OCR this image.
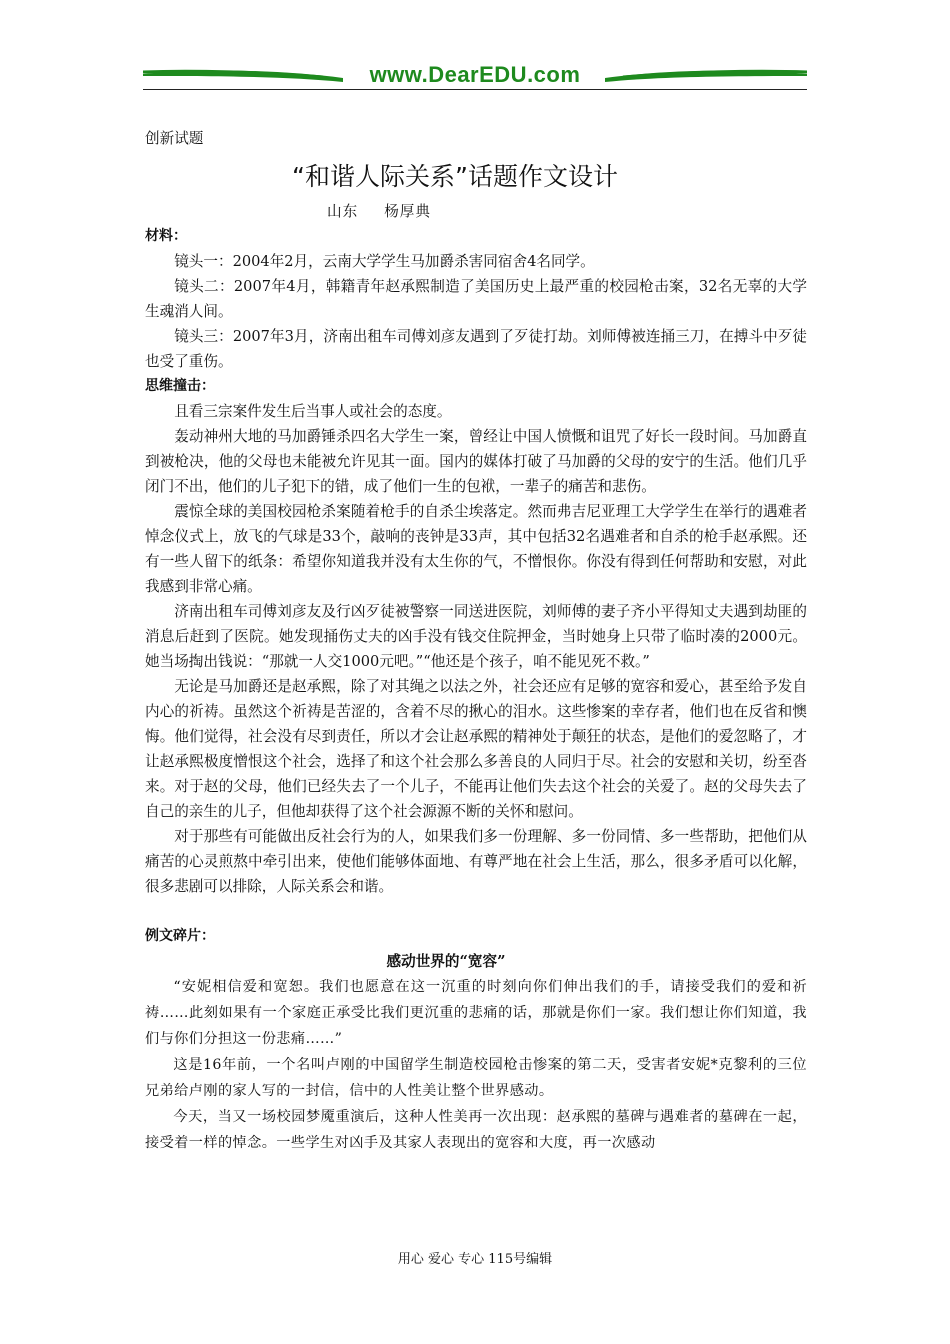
www.DearEDU.com

创新试题

“和谐人际关系”话题作文设计

山东 杨厚典

材料：

镜头一：2004年2月，云南大学学生马加爵杀害同宿舍4名同学。

镜头二：2007年4月，韩籍青年赵承熙制造了美国历史上最严重的校园枪击案，32名无辜的大学生魂消人间。

镜头三：2007年3月，济南出租车司傅刘彦友遇到了歹徒打劫。刘师傅被连捅三刀，在搏斗中歹徒也受了重伤。

思维撞击：

且看三宗案件发生后当事人或社会的态度。

轰动神州大地的马加爵锤杀四名大学生一案，曾经让中国人愤慨和诅咒了好长一段时间。马加爵直到被枪决，他的父母也未能被允许见其一面。国内的媒体打破了马加爵的父母的安宁的生活。他们几乎闭门不出，他们的儿子犯下的错，成了他们一生的包袱，一辈子的痛苦和悲伤。

震惊全球的美国校园枪杀案随着枪手的自杀尘埃落定。然而弗吉尼亚理工大学学生在举行的遇难者悼念仪式上，放飞的气球是33个，敲响的丧钟是33声，其中包括32名遇难者和自杀的枪手赵承熙。还有一些人留下的纸条：希望你知道我并没有太生你的气，不憎恨你。你没有得到任何帮助和安慰，对此我感到非常心痛。

济南出租车司傅刘彦友及行凶歹徒被警察一同送进医院，刘师傅的妻子齐小平得知丈夫遇到劫匪的消息后赶到了医院。她发现捅伤丈夫的凶手没有钱交住院押金，当时她身上只带了临时凑的2000元。她当场掏出钱说：“那就一人交1000元吧。”“他还是个孩子，咱不能见死不救。”

无论是马加爵还是赵承熙，除了对其绳之以法之外，社会还应有足够的宽容和爱心，甚至给予发自内心的祈祷。虽然这个祈祷是苦涩的，含着不尽的揪心的泪水。这些惨案的幸存者，他们也在反省和懊悔。他们觉得，社会没有尽到责任，所以才会让赵承熙的精神处于颠狂的状态，是他们的爱忽略了，才让赵承熙极度憎恨这个社会，选择了和这个社会那么多善良的人同归于尽。社会的安慰和关切，纷至沓来。对于赵的父母，他们已经失去了一个儿子，不能再让他们失去这个社会的关爱了。赵的父母失去了自己的亲生的儿子，但他却获得了这个社会源源不断的关怀和慰问。

对于那些有可能做出反社会行为的人，如果我们多一份理解、多一份同情、多一些帮助，把他们从痛苦的心灵煎熬中牵引出来，使他们能够体面地、有尊严地在社会上生活，那么，很多矛盾可以化解，很多悲剧可以排除，人际关系会和谐。

例文碎片：

感动世界的“宽容”

“安妮相信爱和宽恕。我们也愿意在这一沉重的时刻向你们伸出我们的手，请接受我们的爱和祈祷……此刻如果有一个家庭正承受比我们更沉重的悲痛的话，那就是你们一家。我们想让你们知道，我们与你们分担这一份悲痛……”

这是16年前，一个名叫卢刚的中国留学生制造校园枪击惨案的第二天，受害者安妮*克黎利的三位兄弟给卢刚的家人写的一封信，信中的人性美让整个世界感动。

今天，当又一场校园梦魇重演后，这种人性美再一次出现：赵承熙的墓碑与遇难者的墓碑在一起，接受着一样的悼念。一些学生对凶手及其家人表现出的宽容和大度，再一次感动

用心 爱心 专心 115号编辑
